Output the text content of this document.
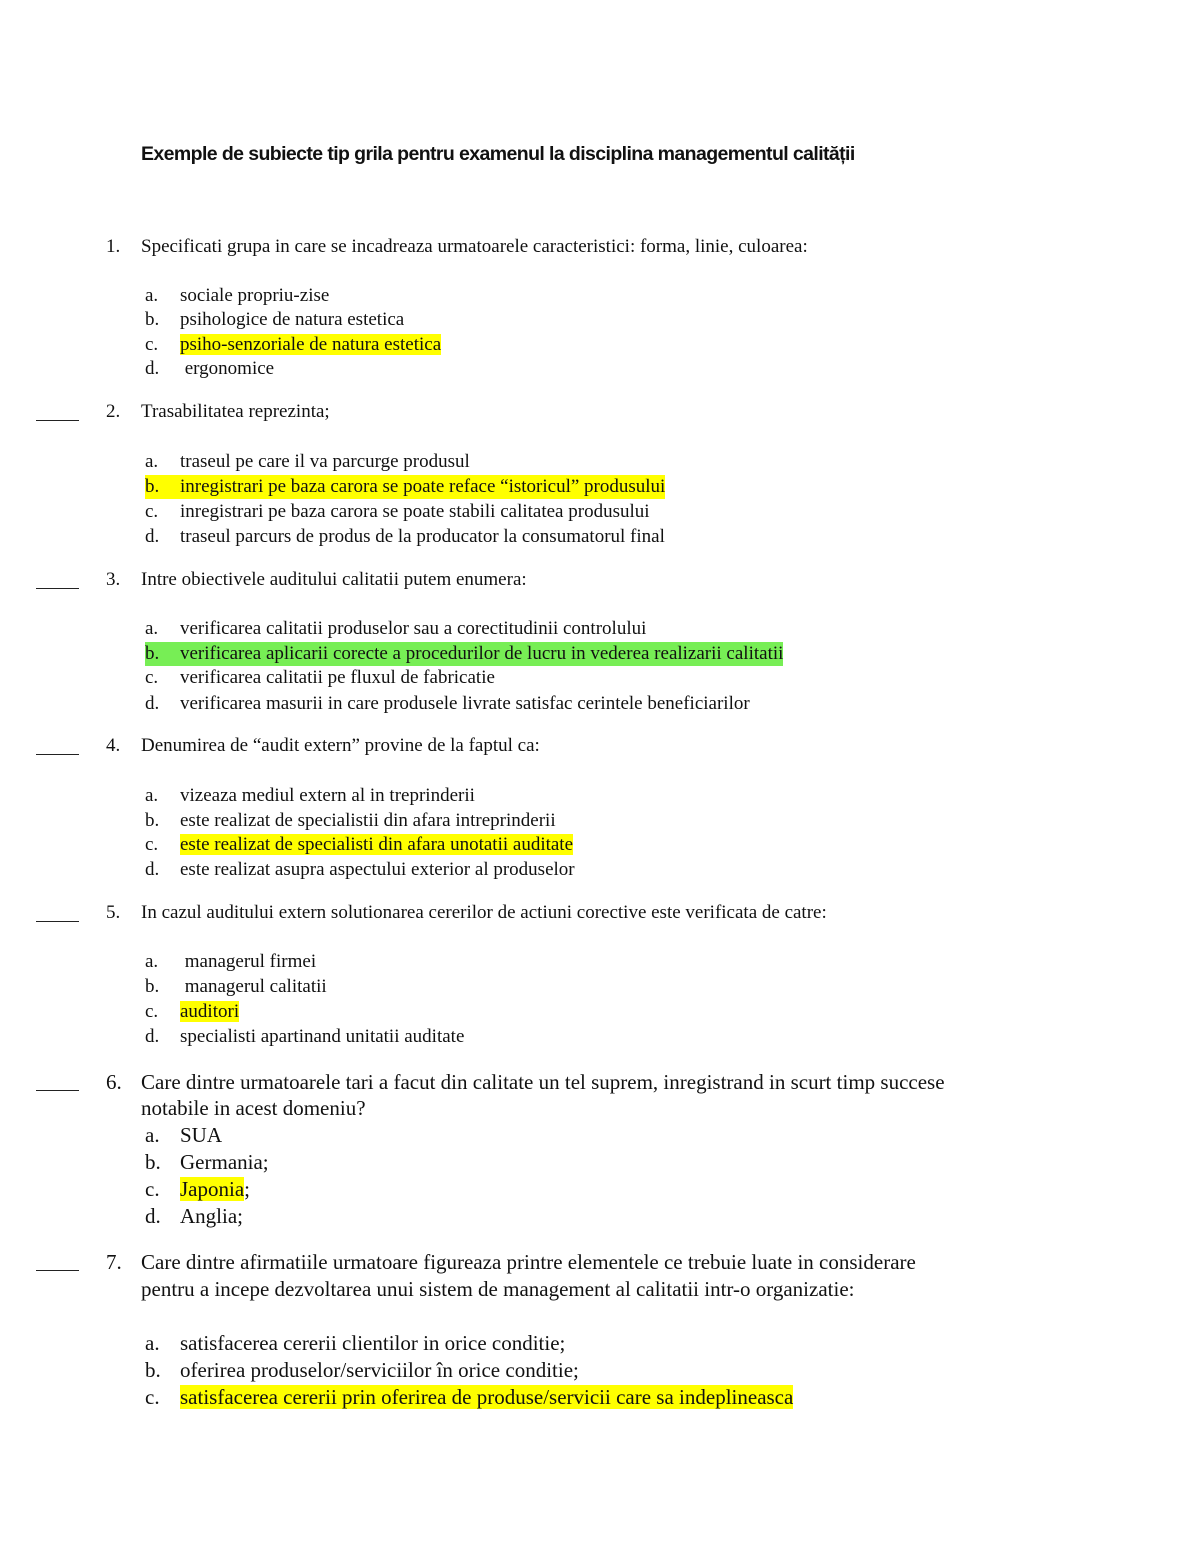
Exemple de subiecte tip grila pentru examenul la disciplina managementul calității
1. Specificati grupa in care se incadreaza urmatoarele caracteristici: forma, linie, culoarea:
a. sociale propriu-zise
b. psihologice de natura estetica
c. psiho-senzoriale de natura estetica
d. ergonomice
2. Trasabilitatea reprezinta;
a. traseul pe care il va parcurge produsul
b. inregistrari pe baza carora se poate reface “istoricul” produsului
c. inregistrari pe baza carora se poate stabili calitatea produsului
d. traseul parcurs de produs de la producator la consumatorul final
3. Intre obiectivele auditului calitatii putem enumera:
a. verificarea calitatii produselor sau a corectitudinii controlului
b. verificarea aplicarii corecte a procedurilor de lucru in vederea realizarii calitatii
c. verificarea calitatii pe fluxul de fabricatie
d. verificarea masurii in care produsele livrate satisfac cerintele beneficiarilor
4. Denumirea de “audit extern” provine de la faptul ca:
a. vizeaza mediul extern al in treprinderii
b. este realizat de specialistii din afara intreprinderii
c. este realizat de specialisti din afara unotatii auditate
d. este realizat asupra aspectului exterior al produselor
5. In cazul auditului extern solutionarea cererilor de actiuni corective este verificata de catre:
a. managerul firmei
b. managerul calitatii
c. auditori
d. specialisti apartinand unitatii auditate
6. Care dintre urmatoarele tari a facut din calitate un tel suprem, inregistrand in scurt timp succese
notabile in acest domeniu?
a. SUA
b. Germania;
c. Japonia;
d. Anglia;
7. Care dintre afirmatiile urmatoare figureaza printre elementele ce trebuie luate in considerare
pentru a incepe dezvoltarea unui sistem de management al calitatii intr-o organizatie:
a. satisfacerea cererii clientilor in orice conditie;
b. oferirea produselor/serviciilor în orice conditie;
c. satisfacerea cererii prin oferirea de produse/servicii care sa indeplineasca
